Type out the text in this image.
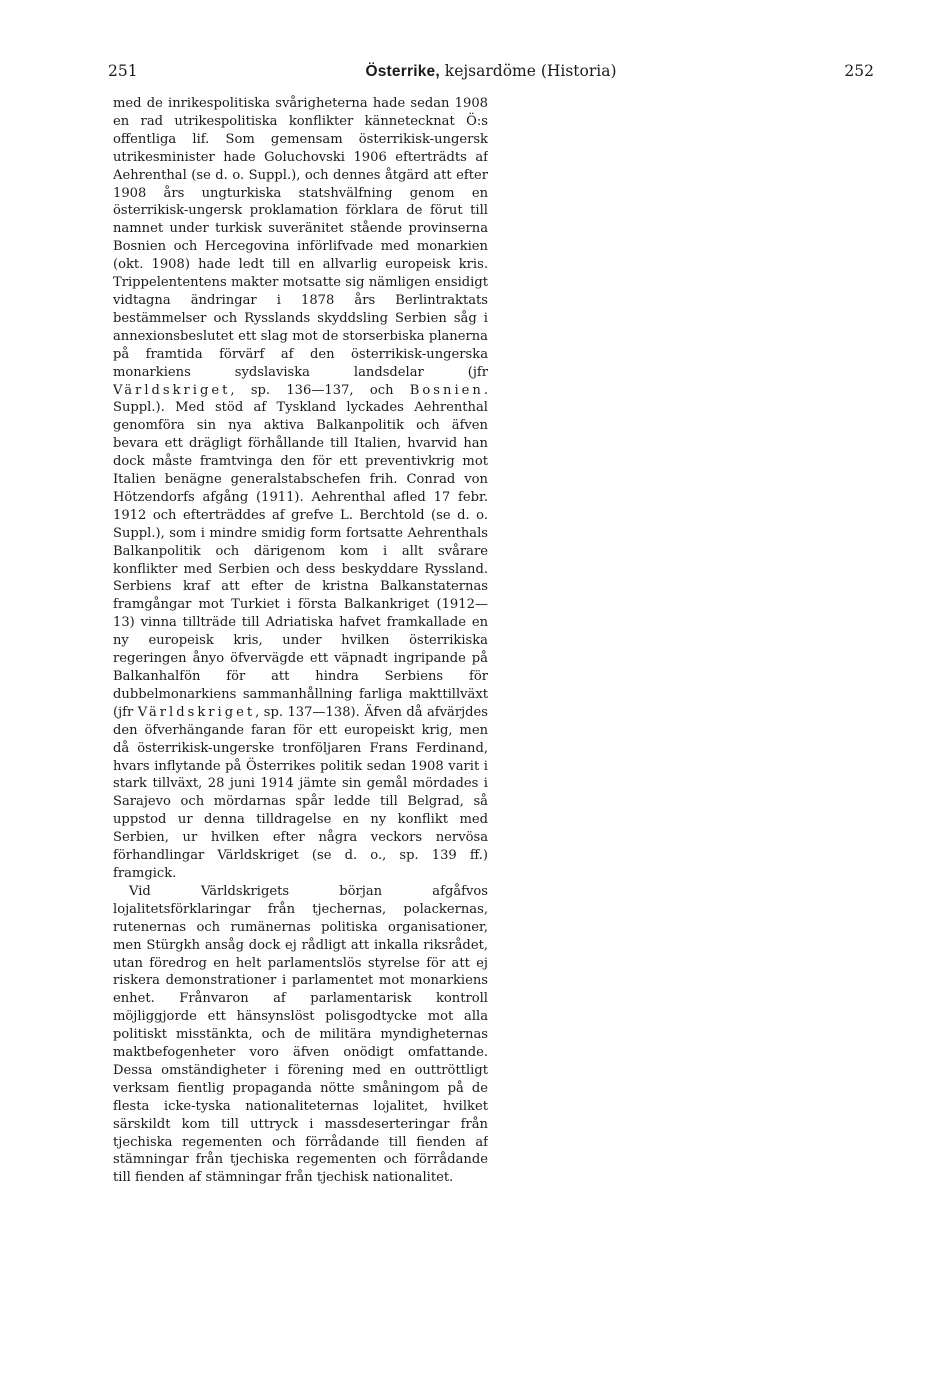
251	Österrike, kejsardöme (Historia)	252

med de inrikespolitiska svårigheterna hade sedan 1908 en rad utrikespolitiska konflikter kännetecknat Ö:s offentliga lif. Som gemensam österrikisk-ungersk utrikesminister hade Goluchovski 1906 efterträdts af Aehrenthal (se d. o. Suppl.), och dennes åtgärd att efter 1908 års ungturkiska statshvälfning genom en österrikisk-ungersk proklamation förklara de förut till namnet under turkisk suveränitet stående provinserna Bosnien och Hercegovina införlifvade med monarkien (okt. 1908) hade ledt till en allvarlig europeisk kris. Trippelententens makter motsatte sig nämligen ensidigt vidtagna ändringar i 1878 års Berlintraktats bestämmelser och Rysslands skyddsling Serbien såg i annexionsbeslutet ett slag mot de storserbiska planerna på framtida förvärf af den österrikisk-ungerska monarkiens sydslaviska landsdelar (jfr Världskriget, sp. 136—137, och Bosnien. Suppl.). Med stöd af Tyskland lyckades Aehrenthal genomföra sin nya aktiva Balkanpolitik och äfven bevara ett drägligt förhållande till Italien, hvarvid han dock måste framtvinga den för ett preventivkrig mot Italien benägne generalstabschefen frih. Conrad von Hötzendorfs afgång (1911). Aehrenthal afled 17 febr. 1912 och efterträddes af grefve L. Berchtold (se d. o. Suppl.), som i mindre smidig form fortsatte Aehrenthals Balkanpolitik och därigenom kom i allt svårare konflikter med Serbien och dess beskyddare Ryssland. Serbiens kraf att efter de kristna Balkanstaternas framgångar mot Turkiet i första Balkankriget (1912—13) vinna tillträde till Adriatiska hafvet framkallade en ny europeisk kris, under hvilken österrikiska regeringen ånyo öfvervägde ett väpnadt ingripande på Balkanhalfön för att hindra Serbiens för dubbelmonarkiens sammanhållning farliga makttillväxt (jfr Världskriget, sp. 137—138). Äfven då afvärjdes den öfverhängande faran för ett europeiskt krig, men då österrikisk-ungerske tronföljaren Frans Ferdinand, hvars inflytande på Österrikes politik sedan 1908 varit i stark tillväxt, 28 juni 1914 jämte sin gemål mördades i Sarajevo och mördarnas spår ledde till Belgrad, så uppstod ur denna tilldragelse en ny konflikt med Serbien, ur hvilken efter några veckors nervösa förhandlingar Världskriget (se d. o., sp. 139 ff.) framgick.

Vid Världskrigets början afgåfvos lojalitetsförklaringar från tjechernas, polackernas, rutenernas och rumänernas politiska organisationer, men Stürgkh ansåg dock ej rådligt att inkalla riksrådet, utan föredrog en helt parlamentslös styrelse för att ej riskera demonstrationer i parlamentet mot monarkiens enhet. Frånvaron af parlamentarisk kontroll möjliggjorde ett hänsynslöst polisgodtycke mot alla politiskt misstänkta, och de militära myndigheternas maktbefogenheter voro äfven onödigt omfattande. Dessa omständigheter i förening med en outtröttligt verksam fientlig propaganda nötte småningom på de flesta icke-tyska nationaliteternas lojalitet, hvilket särskildt kom till uttryck i massdeserteringar från tjechiska regementen och förrådande till fienden af stämningar från tjechiska regementen och förrådande till fienden af stämningar från tjechisk nationalitet.
